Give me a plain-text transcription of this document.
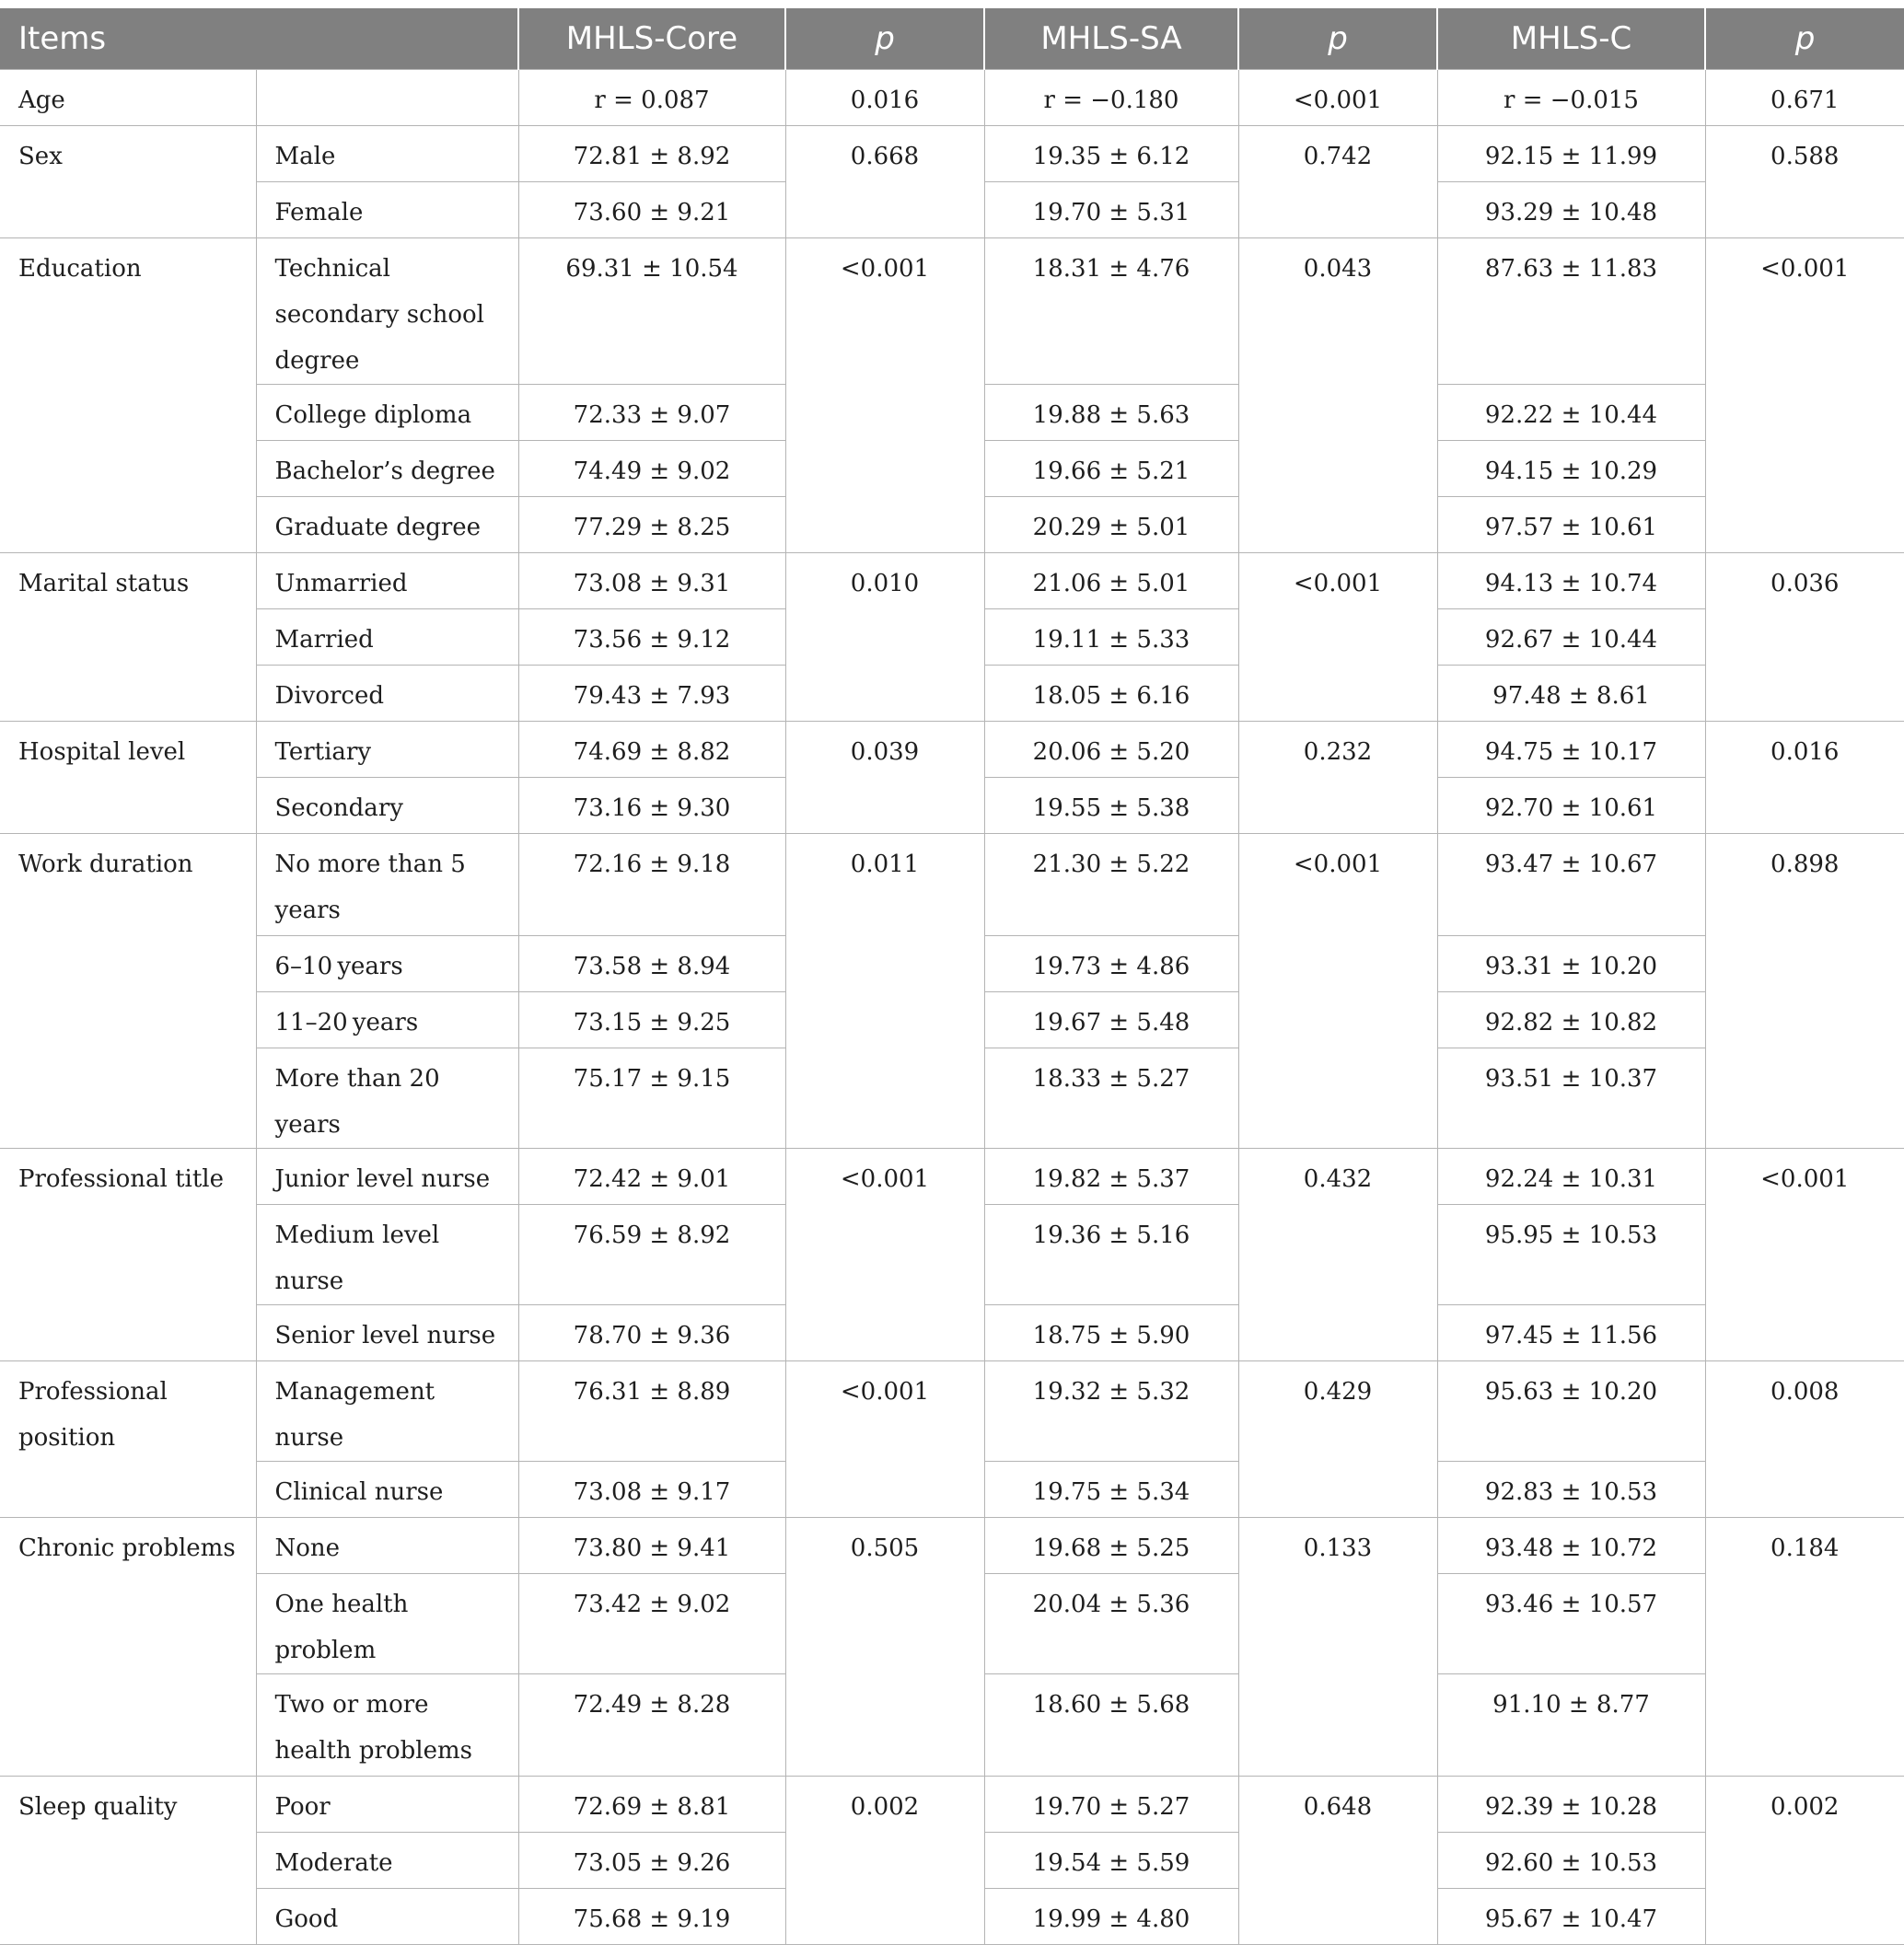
Items		MHLS-Core	p	MHLS-SA	p	MHLS-C	p
Age		r = 0.087	0.016	r = −0.180	<0.001	r = −0.015	0.671
Sex	Male	72.81 ± 8.92	0.668	19.35 ± 6.12	0.742	92.15 ± 11.99	0.588
	Female	73.60 ± 9.21		19.70 ± 5.31		93.29 ± 10.48	
Education	Technical secondary school degree	69.31 ± 10.54	<0.001	18.31 ± 4.76	0.043	87.63 ± 11.83	<0.001
	College diploma	72.33 ± 9.07		19.88 ± 5.63		92.22 ± 10.44	
	Bachelor’s degree	74.49 ± 9.02		19.66 ± 5.21		94.15 ± 10.29	
	Graduate degree	77.29 ± 8.25		20.29 ± 5.01		97.57 ± 10.61	
Marital status	Unmarried	73.08 ± 9.31	0.010	21.06 ± 5.01	<0.001	94.13 ± 10.74	0.036
	Married	73.56 ± 9.12		19.11 ± 5.33		92.67 ± 10.44	
	Divorced	79.43 ± 7.93		18.05 ± 6.16		97.48 ± 8.61	
Hospital level	Tertiary	74.69 ± 8.82	0.039	20.06 ± 5.20	0.232	94.75 ± 10.17	0.016
	Secondary	73.16 ± 9.30		19.55 ± 5.38		92.70 ± 10.61	
Work duration	No more than 5 years	72.16 ± 9.18	0.011	21.30 ± 5.22	<0.001	93.47 ± 10.67	0.898
	6–10 years	73.58 ± 8.94		19.73 ± 4.86		93.31 ± 10.20	
	11–20 years	73.15 ± 9.25		19.67 ± 5.48		92.82 ± 10.82	
	More than 20 years	75.17 ± 9.15		18.33 ± 5.27		93.51 ± 10.37	
Professional title	Junior level nurse	72.42 ± 9.01	<0.001	19.82 ± 5.37	0.432	92.24 ± 10.31	<0.001
	Medium level nurse	76.59 ± 8.92		19.36 ± 5.16		95.95 ± 10.53	
	Senior level nurse	78.70 ± 9.36		18.75 ± 5.90		97.45 ± 11.56	
Professional position	Management nurse	76.31 ± 8.89	<0.001	19.32 ± 5.32	0.429	95.63 ± 10.20	0.008
	Clinical nurse	73.08 ± 9.17		19.75 ± 5.34		92.83 ± 10.53	
Chronic problems	None	73.80 ± 9.41	0.505	19.68 ± 5.25	0.133	93.48 ± 10.72	0.184
	One health problem	73.42 ± 9.02		20.04 ± 5.36		93.46 ± 10.57	
	Two or more health problems	72.49 ± 8.28		18.60 ± 5.68		91.10 ± 8.77	
Sleep quality	Poor	72.69 ± 8.81	0.002	19.70 ± 5.27	0.648	92.39 ± 10.28	0.002
	Moderate	73.05 ± 9.26		19.54 ± 5.59		92.60 ± 10.53	
	Good	75.68 ± 9.19		19.99 ± 4.80		95.67 ± 10.47	
